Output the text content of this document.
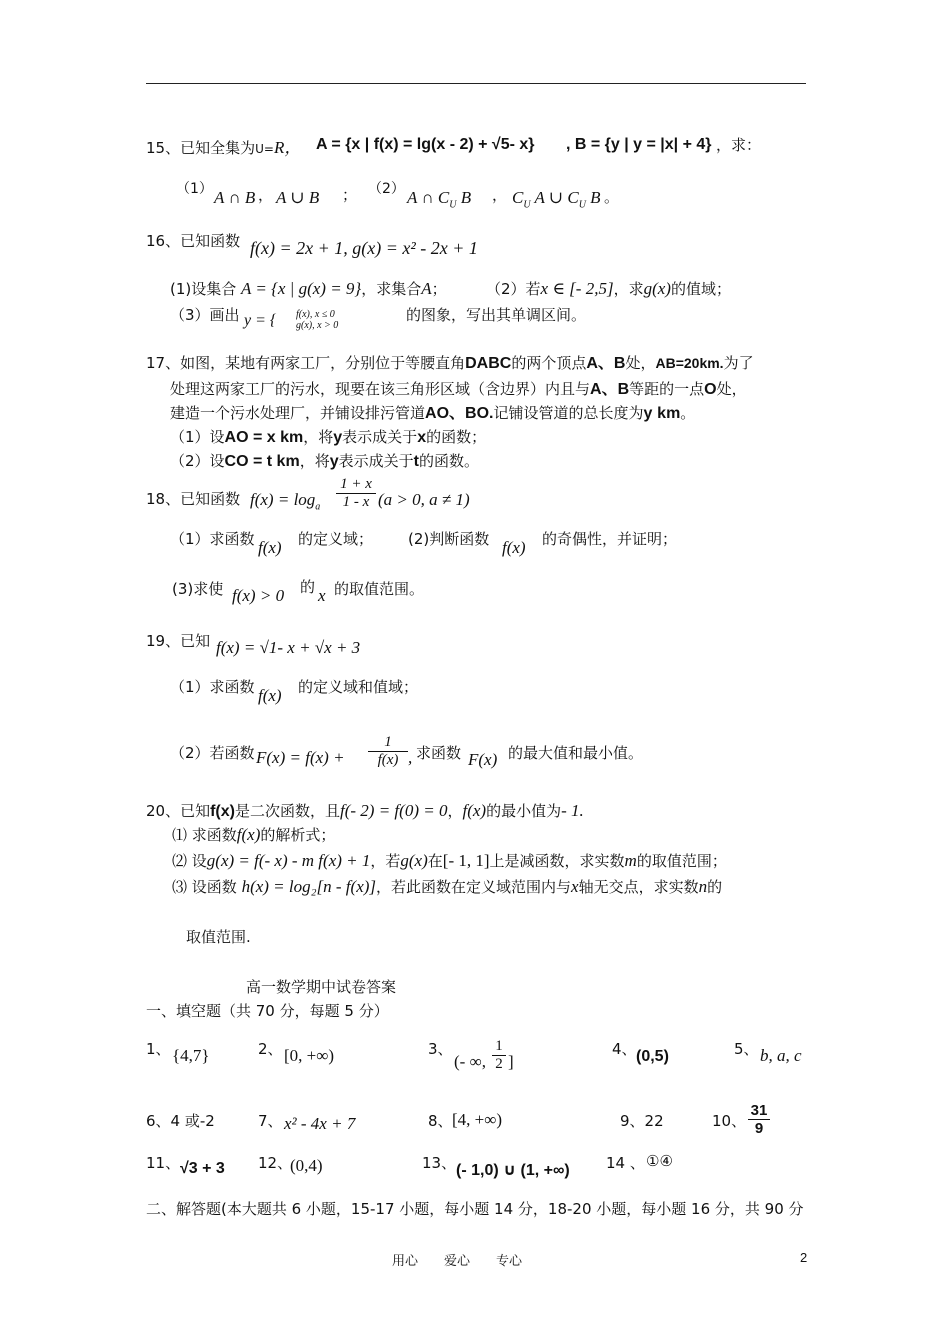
15、已知全集为U=R， A = {x | f(x) = lg(x - 2) + √5- x} , B = {y | y = |x| + 4} ，求：
（1） A ∩ B ， A ∪ B ； （2） A ∩ $C_U$ B ， $C_U$ A ∪ $C_U$ B 。
16、已知函数 f(x) = 2x + 1, g(x) = x² - 2x + 1
(1)设集合 A = {x | g(x) = 9}，求集合A；	（2）若x ∈ [- 2,5]，求g(x)的值域；
（3）画出 y = { f(x), x ≤ 0
g(x), x > 0
的图象，写出其单调区间。
17、如图，某地有两家工厂，分别位于等腰直角DABC的两个顶点A、B处，AB=20km.为了
处理这两家工厂的污水，现要在该三角形区域（含边界）内且与A、B等距的一点O处，
建造一个污水处理厂，并铺设排污管道AO、BO.记铺设管道的总长度为y km。
（1）设AO = x km，将y表示成关于x的函数；
（2）设CO = t km，将y表示成关于t的函数。
18、已知函数 $f(x) = \log_a \frac{1 + x}{1 - x} (a > 0$, a ≠ 1)
（1）求函数 f(x) 的定义域； (2)判断函数 f(x) 的奇偶性，并证明；
(3)求使 f(x) > 0 的 x 的取值范围。
19、已知 f(x) = √1- x + √x + 3
（1）求函数 f(x) 的定义域和值域；
（2）若函数 $F(x) = f(x) + \frac{1}{f(x)}$ , 求函数 F(x) 的最大值和最小值。
20、已知f(x)是二次函数，且f(- 2) = f(0) = 0，f(x)的最小值为- 1.
⑴ 求函数f(x)的解析式；
⑵ 设g(x) = f(- x) - m f(x) + 1，若g(x)在[- 1, 1]上是减函数，求实数m的取值范围；
⑶ 设函数 h(x) = log₂[n - f(x)]，若此函数在定义域范围内与x轴无交点，求实数n的
取值范围.
高一数学期中试卷答案
一、填空题（共 70 分，每题 5 分）
1、 {4,7}	2、 [0, +∞)	3、
(- ∞, $\frac{1}{2}$ ]
4、 (0,5)	5、 b, a, c
6、4 或-2	7、 x² - 4x + 7	8、 [4, +∞)	9、22	10、 $\frac{31}{9}$
11、 √3 + 3 12、
(0,4)	13、 (- 1,0) ∪ (1, +∞) 14 、 ①④
二、解答题(本大题共 6 小题，15-17 小题，每小题 14 分，18-20 小题，每小题 16 分，共 90 分
用心　　爱心　　专心	2
